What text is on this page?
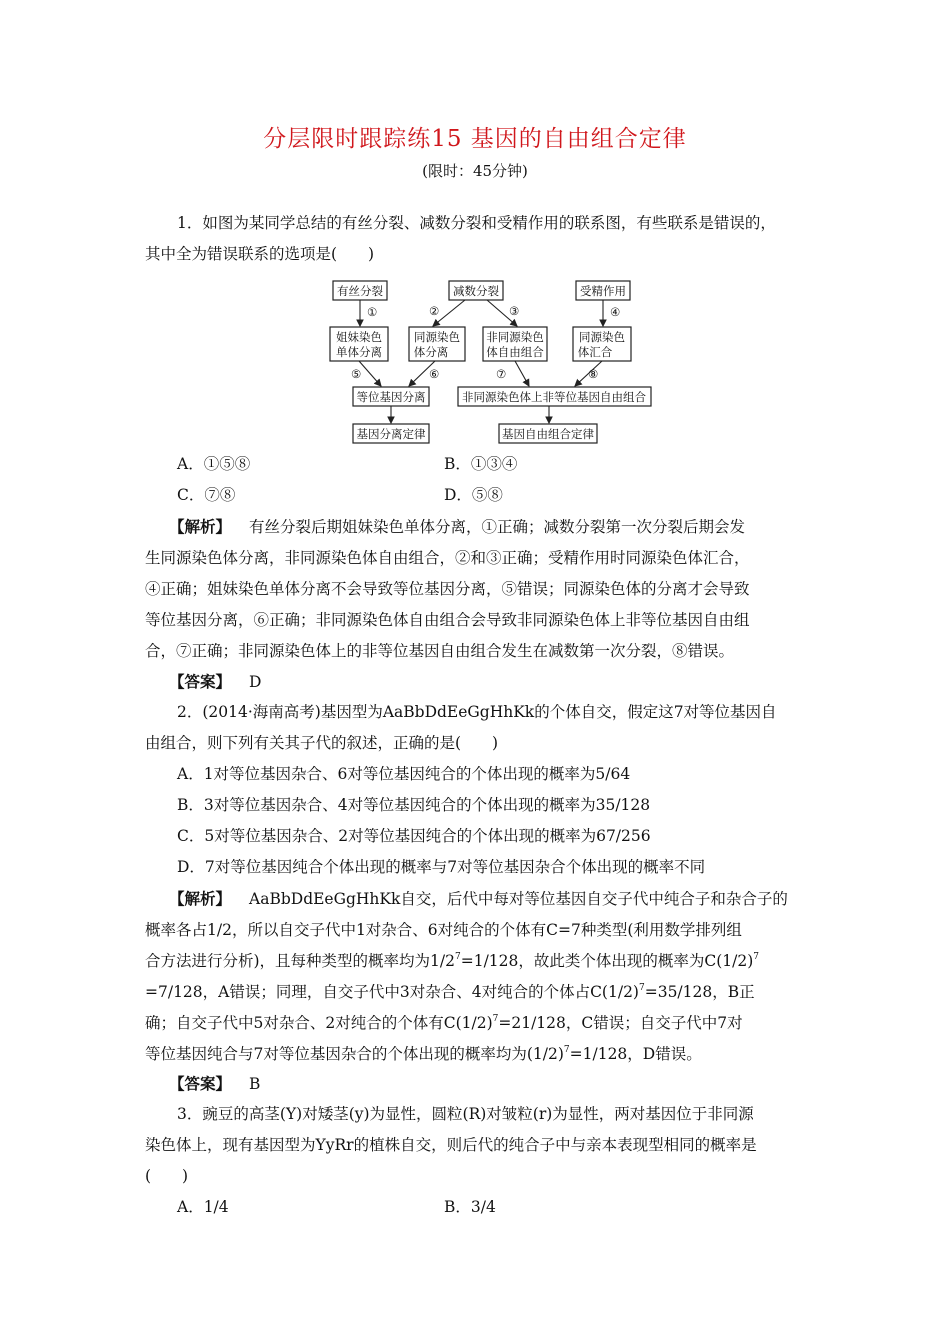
分层限时跟踪练15 基因的自由组合定律
(限时：45分钟)
1．如图为某同学总结的有丝分裂、减数分裂和受精作用的联系图，有些联系是错误的，
其中全为错误联系的选项是(　　)
有丝分裂	减数分裂	受精作用
①	②	③	④
姐妹染色
单体分离
同源染色
体分离
非同源染色
体自由组合
同源染色
体汇合
⑤	⑥	⑦	⑧
等位基因分离	非同源染色体上非等位基因自由组合
基因分离定律	基因自由组合定律
A．①⑤⑧	B．①③④
C．⑦⑧	D．⑤⑧
【解析】 有丝分裂后期姐妹染色单体分离，①正确；减数分裂第一次分裂后期会发
生同源染色体分离，非同源染色体自由组合，②和③正确；受精作用时同源染色体汇合，
④正确；姐妹染色单体分离不会导致等位基因分离，⑤错误；同源染色体的分离才会导致
等位基因分离，⑥正确；非同源染色体自由组合会导致非同源染色体上非等位基因自由组
合，⑦正确；非同源染色体上的非等位基因自由组合发生在减数第一次分裂，⑧错误。
【答案】 D
2．(2014·海南高考)基因型为AaBbDdEeGgHhKk的个体自交，假定这7对等位基因自
由组合，则下列有关其子代的叙述，正确的是(　　)
A．1对等位基因杂合、6对等位基因纯合的个体出现的概率为5/64
B．3对等位基因杂合、4对等位基因纯合的个体出现的概率为35/128
C．5对等位基因杂合、2对等位基因纯合的个体出现的概率为67/256
D．7对等位基因纯合个体出现的概率与7对等位基因杂合个体出现的概率不同
【解析】 AaBbDdEeGgHhKk自交，后代中每对等位基因自交子代中纯合子和杂合子的
概率各占1/2，所以自交子代中1对杂合、6对纯合的个体有C=7种类型(利用数学排列组
合方法进行分析)，且每种类型的概率均为$1/2^7=1/128$，故此类个体出现的概率为$C(1/2)^7$
=7/128，A错误；同理，自交子代中3对杂合、4对纯合的个体占$C(1/2)^7=35/128$，B正
确；自交子代中5对杂合、2对纯合的个体有$C(1/2)^7=21/128$，C错误；自交子代中7对
等位基因纯合与7对等位基因杂合的个体出现的概率均为$(1/2)^7=1/128$，D错误。
【答案】 B
3．豌豆的高茎(Y)对矮茎(y)为显性，圆粒(R)对皱粒(r)为显性，两对基因位于非同源
染色体上，现有基因型为YyRr的植株自交，则后代的纯合子中与亲本表现型相同的概率是
(　　)
A．1/4	B．3/4
